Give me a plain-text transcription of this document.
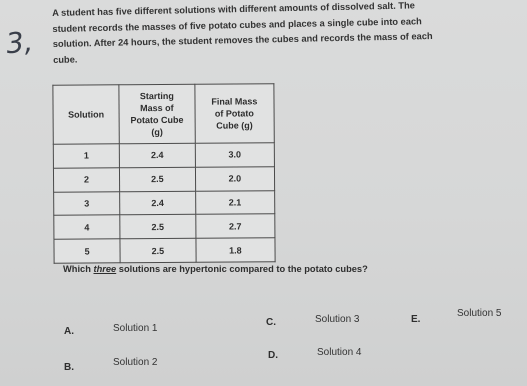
3,
A student has five different solutions with different amounts of dissolved salt. The
student records the masses of five potato cubes and places a single cube into each
solution. After 24 hours, the student removes the cubes and records the mass of each
cube.
Solution	Starting
Mass of
Potato Cube
(g)	Final Mass
of Potato
Cube (g)

1	2.4	3.0
2	2.5	2.0
3	2.4	2.1
4	2.5	2.7
5	2.5	1.8
Which three solutions are hypertonic compared to the potato cubes?
A.	Solution 1
B.	Solution 2
C.	Solution 3
D.	Solution 4
E.
Solution 5
